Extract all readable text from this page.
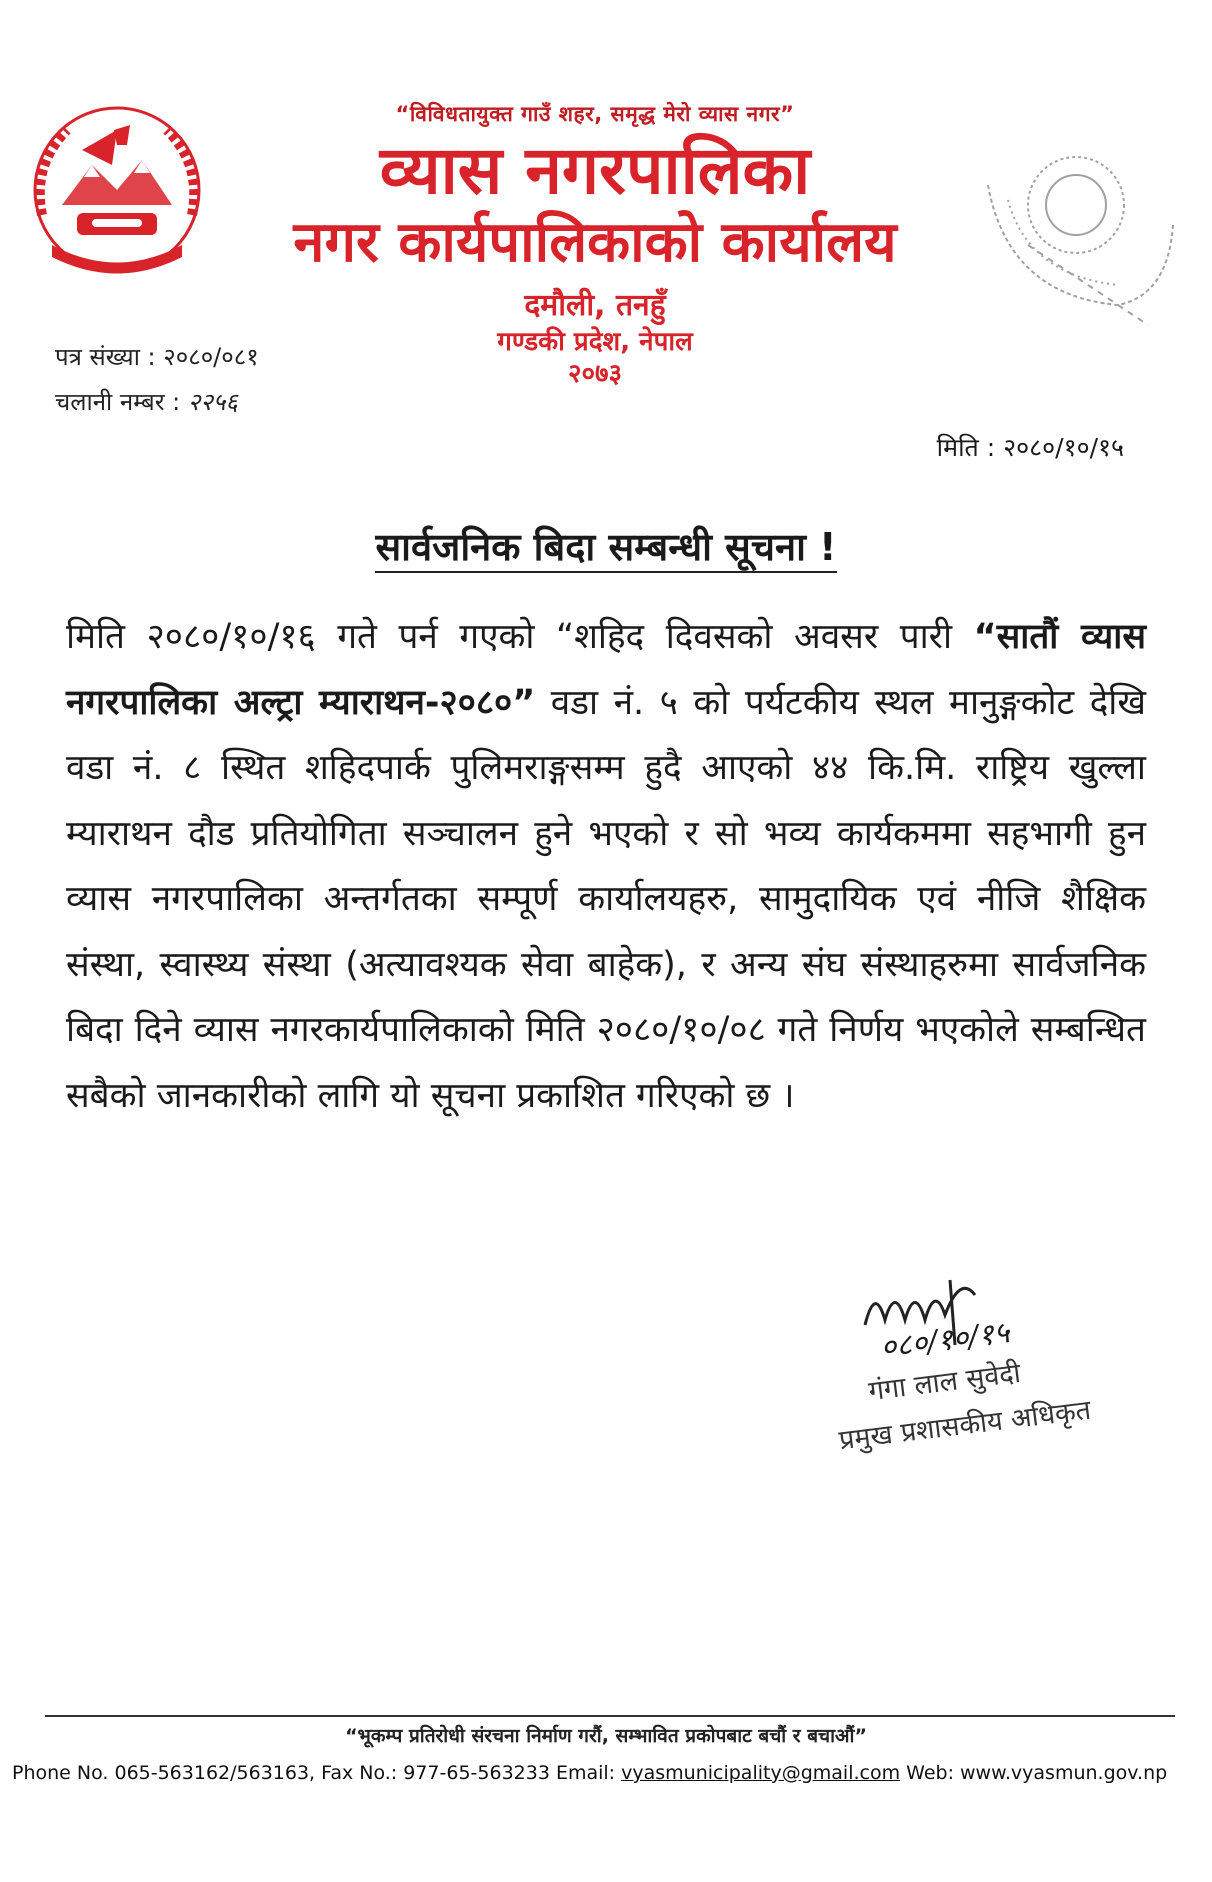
“विविधतायुक्त गाउँ शहर, समृद्ध मेरो व्यास नगर”
व्यास नगरपालिका
नगर कार्यपालिकाको कार्यालय
दमौली, तनहुँ
गण्डकी प्रदेश, नेपाल
२०७३
पत्र संख्या : २०८०/०८१
चलानी नम्बर : २२५६
मिति : २०८०/१०/१५
सार्वजनिक बिदा सम्बन्धी सूचना !
मिति २०८०/१०/१६ गते पर्न गएको “शहिद दिवसको अवसर पारी “सातौं व्यास नगरपालिका अल्ट्रा म्याराथन-२०८०” वडा नं. ५ को पर्यटकीय स्थल मानुङ्गकोट देखि वडा नं. ८ स्थित शहिदपार्क पुलिमराङ्गसम्म हुदै आएको ४४ कि.मि. राष्ट्रिय खुल्ला म्याराथन दौड प्रतियोगिता सञ्चालन हुने भएको र सो भव्य कार्यकममा सहभागी हुन व्यास नगरपालिका अन्तर्गतका सम्पूर्ण कार्यालयहरु, सामुदायिक एवं नीजि शैक्षिक संस्था, स्वास्थ्य संस्था (अत्यावश्यक सेवा बाहेक), र अन्य संघ संस्थाहरुमा सार्वजनिक बिदा दिने व्यास नगरकार्यपालिकाको मिति २०८०/१०/०८ गते निर्णय भएकोले सम्बन्धित सबैको जानकारीको लागि यो सूचना प्रकाशित गरिएको छ ।
०८०/१०/१५
गंगा लाल सुवेदी
प्रमुख प्रशासकीय अधिकृत
“भूकम्प प्रतिरोधी संरचना निर्माण गरौं, सम्भावित प्रकोपबाट बचौं र बचाऔं”
Phone No. 065-563162/563163, Fax No.: 977-65-563233 Email: vyasmunicipality@gmail.com Web: www.vyasmun.gov.np
